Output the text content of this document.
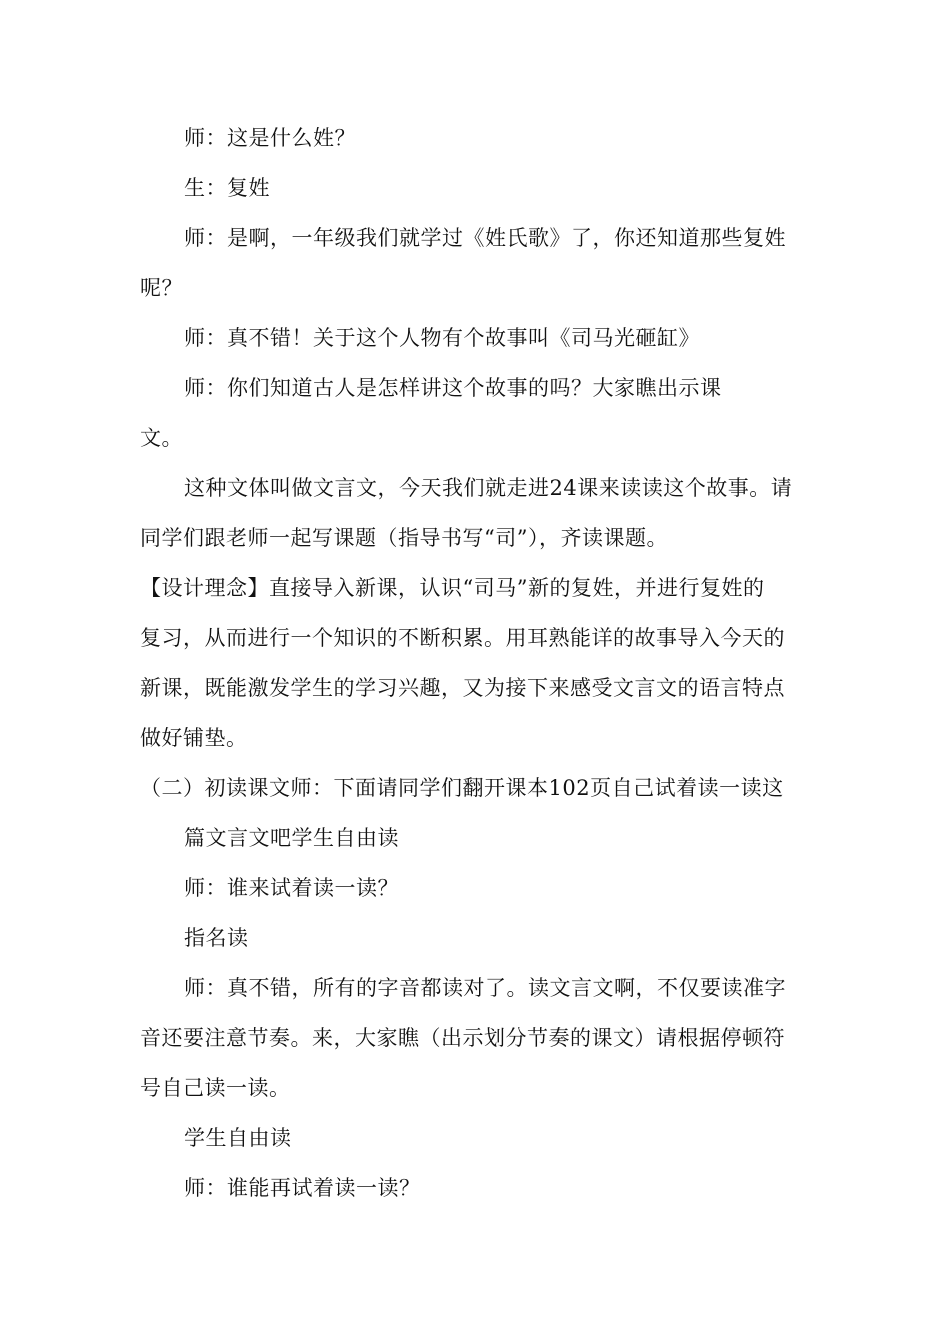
师：这是什么姓？
生：复姓
师：是啊，一年级我们就学过《姓氏歌》了，你还知道那些复姓
呢？
师：真不错！关于这个人物有个故事叫《司马光砸缸》
师：你们知道古人是怎样讲这个故事的吗？大家瞧出示课
文。
这种文体叫做文言文，今天我们就走进24课来读读这个故事。请
同学们跟老师一起写课题（指导书写“司”），齐读课题。
【设计理念】直接导入新课，认识“司马”新的复姓，并进行复姓的
复习，从而进行一个知识的不断积累。用耳熟能详的故事导入今天的
新课，既能激发学生的学习兴趣，又为接下来感受文言文的语言特点
做好铺垫。
（二）初读课文师：下面请同学们翻开课本102页自己试着读一读这
篇文言文吧学生自由读
师：谁来试着读一读？
指名读
师：真不错，所有的字音都读对了。读文言文啊，不仅要读准字
音还要注意节奏。来，大家瞧（出示划分节奏的课文）请根据停顿符
号自己读一读。
学生自由读
师：谁能再试着读一读？
